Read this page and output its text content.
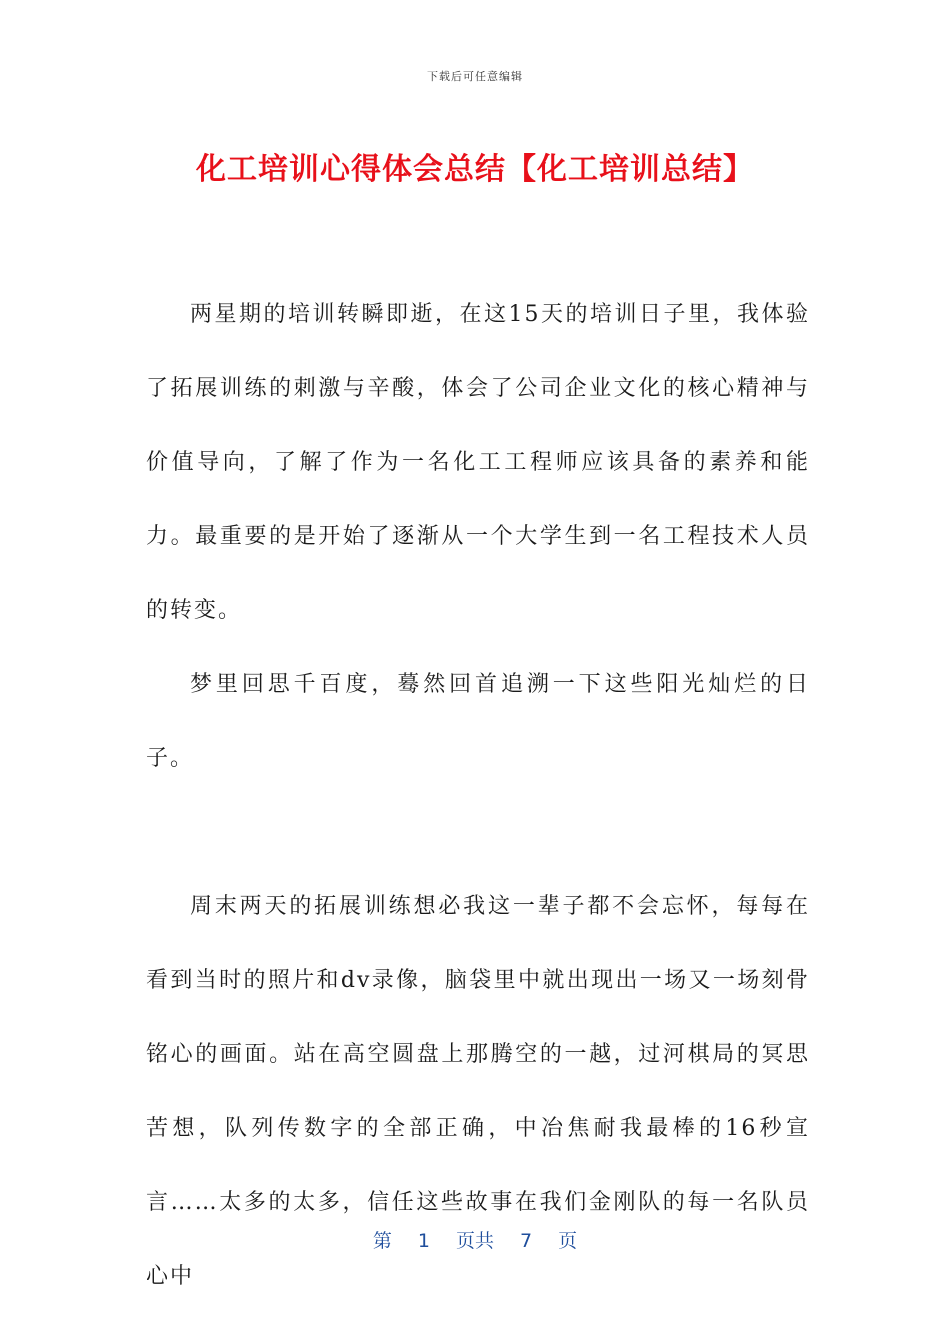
下载后可任意编辑
化工培训心得体会总结【化工培训总结】

两星期的培训转瞬即逝，在这15天的培训日子里，我体验了拓展训练的刺激与辛酸，体会了公司企业文化的核心精神与价值导向，了解了作为一名化工工程师应该具备的素养和能力。最重要的是开始了逐渐从一个大学生到一名工程技术人员的转变。

梦里回思千百度，蓦然回首追溯一下这些阳光灿烂的日子。

周末两天的拓展训练想必我这一辈子都不会忘怀，每每在看到当时的照片和dv录像，脑袋里中就出现出一场又一场刻骨铭心的画面。站在高空圆盘上那腾空的一越，过河棋局的冥思苦想，队列传数字的全部正确，中冶焦耐我最棒的16秒宣言……太多的太多，信任这些故事在我们金刚队的每一名队员心中

第 1 页共 7 页
